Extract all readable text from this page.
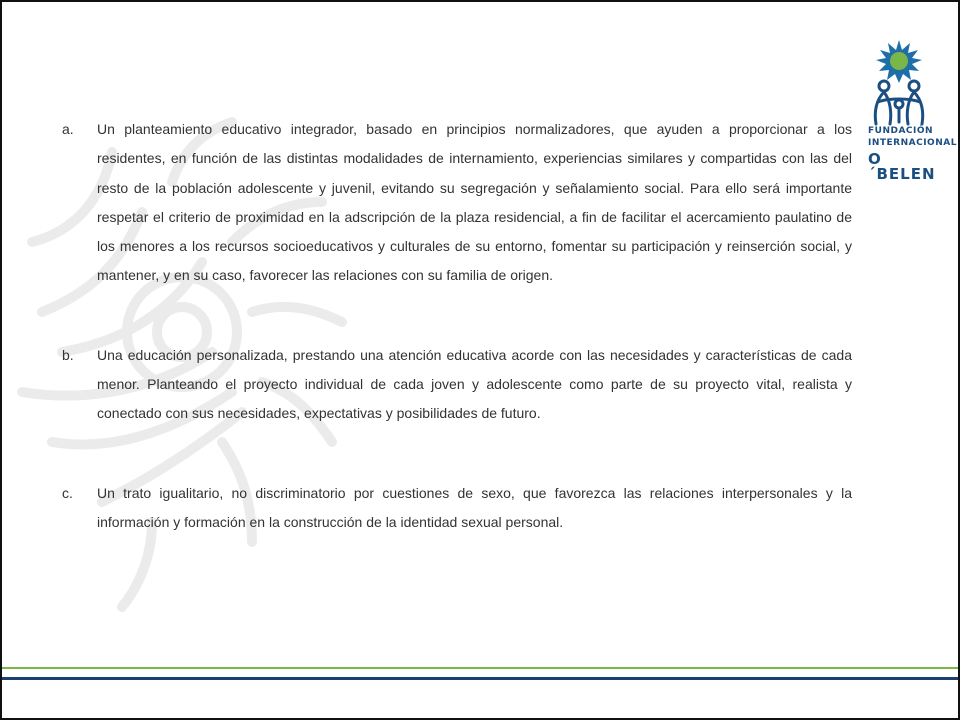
FUNDACIÓN
INTERNACIONAL
O´BELEN
a. Un planteamiento educativo integrador, basado en principios normalizadores, que ayuden a proporcionar a los residentes, en función de las distintas modalidades de internamiento, experiencias similares y compartidas con las del resto de la población adolescente y juvenil, evitando su segregación y señalamiento social. Para ello será importante respetar el criterio de proximidad en la adscripción de la plaza residencial, a fin de facilitar el acercamiento paulatino de los menores a los recursos socioeducativos y culturales de su entorno, fomentar su participación y reinserción social, y mantener, y en su caso, favorecer las relaciones con su familia de origen.
b. Una educación personalizada, prestando una atención educativa acorde con las necesidades y características de cada menor. Planteando el proyecto individual de cada joven y adolescente como parte de su proyecto vital, realista y conectado con sus necesidades, expectativas y posibilidades de futuro.
c. Un trato igualitario, no discriminatorio por cuestiones de sexo, que favorezca las relaciones interpersonales y la información y formación en la construcción de la identidad sexual personal.
